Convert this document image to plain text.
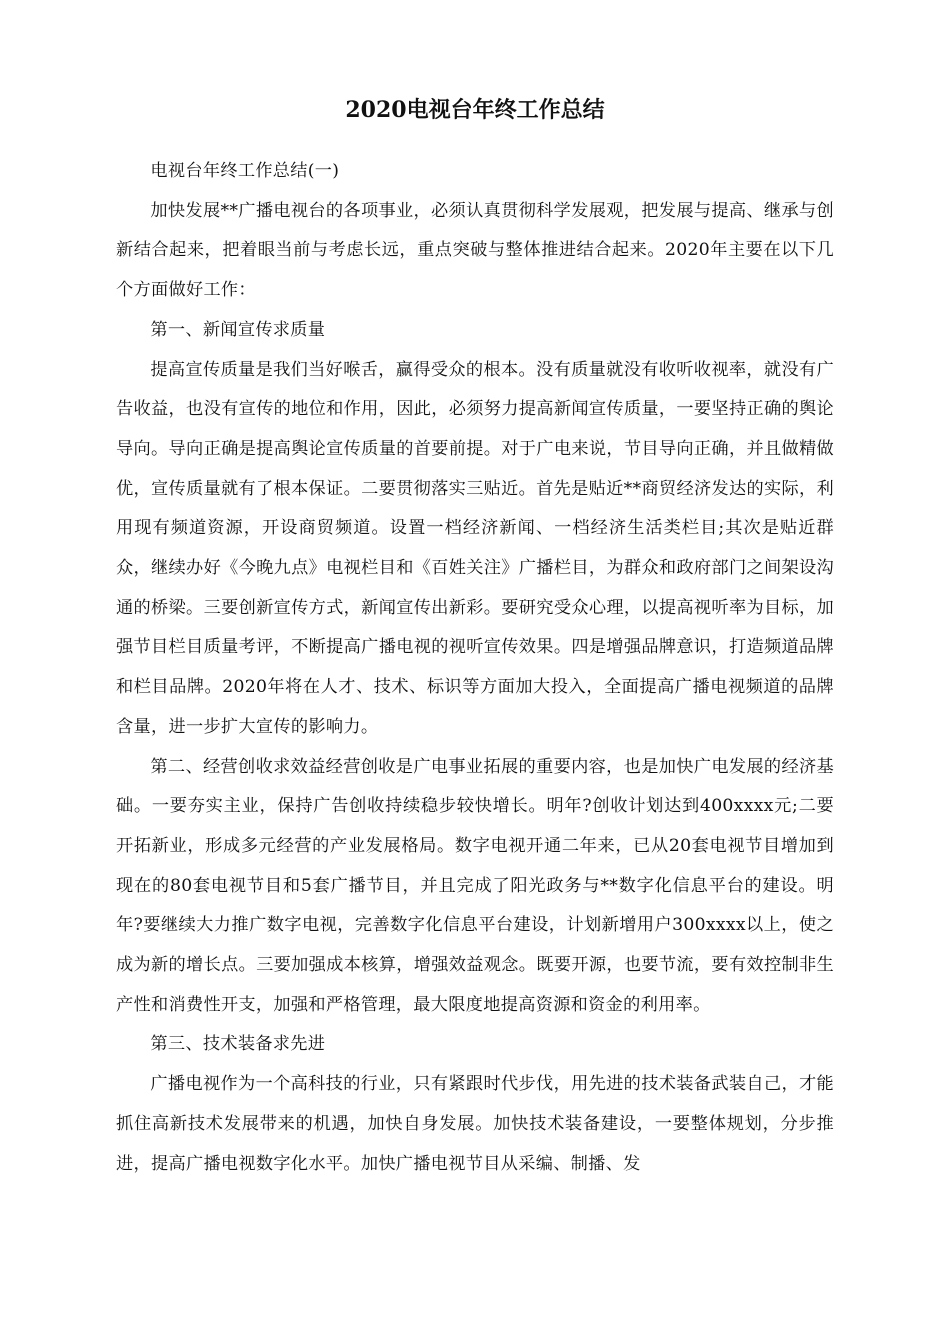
2020电视台年终工作总结

电视台年终工作总结(一)

加快发展**广播电视台的各项事业，必须认真贯彻科学发展观，把发展与提高、继承与创新结合起来，把着眼当前与考虑长远，重点突破与整体推进结合起来。2020年主要在以下几个方面做好工作：

第一、新闻宣传求质量

提高宣传质量是我们当好喉舌，赢得受众的根本。没有质量就没有收听收视率，就没有广告收益，也没有宣传的地位和作用，因此，必须努力提高新闻宣传质量，一要坚持正确的舆论导向。导向正确是提高舆论宣传质量的首要前提。对于广电来说，节目导向正确，并且做精做优，宣传质量就有了根本保证。二要贯彻落实三贴近。首先是贴近**商贸经济发达的实际，利用现有频道资源，开设商贸频道。设置一档经济新闻、一档经济生活类栏目;其次是贴近群众，继续办好《今晚九点》电视栏目和《百姓关注》广播栏目，为群众和政府部门之间架设沟通的桥梁。三要创新宣传方式，新闻宣传出新彩。要研究受众心理，以提高视听率为目标，加强节目栏目质量考评，不断提高广播电视的视听宣传效果。四是增强品牌意识，打造频道品牌和栏目品牌。2020年将在人才、技术、标识等方面加大投入，全面提高广播电视频道的品牌含量，进一步扩大宣传的影响力。

第二、经营创收求效益经营创收是广电事业拓展的重要内容，也是加快广电发展的经济基础。一要夯实主业，保持广告创收持续稳步较快增长。明年?创收计划达到400xxxx元;二要开拓新业，形成多元经营的产业发展格局。数字电视开通二年来，已从20套电视节目增加到现在的80套电视节目和5套广播节目，并且完成了阳光政务与**数字化信息平台的建设。明年?要继续大力推广数字电视，完善数字化信息平台建设，计划新增用户300xxxx以上，使之成为新的增长点。三要加强成本核算，增强效益观念。既要开源，也要节流，要有效控制非生产性和消费性开支，加强和严格管理，最大限度地提高资源和资金的利用率。

第三、技术装备求先进

广播电视作为一个高科技的行业，只有紧跟时代步伐，用先进的技术装备武装自己，才能抓住高新技术发展带来的机遇，加快自身发展。加快技术装备建设，一要整体规划，分步推进，提高广播电视数字化水平。加快广播电视节目从采编、制播、发
